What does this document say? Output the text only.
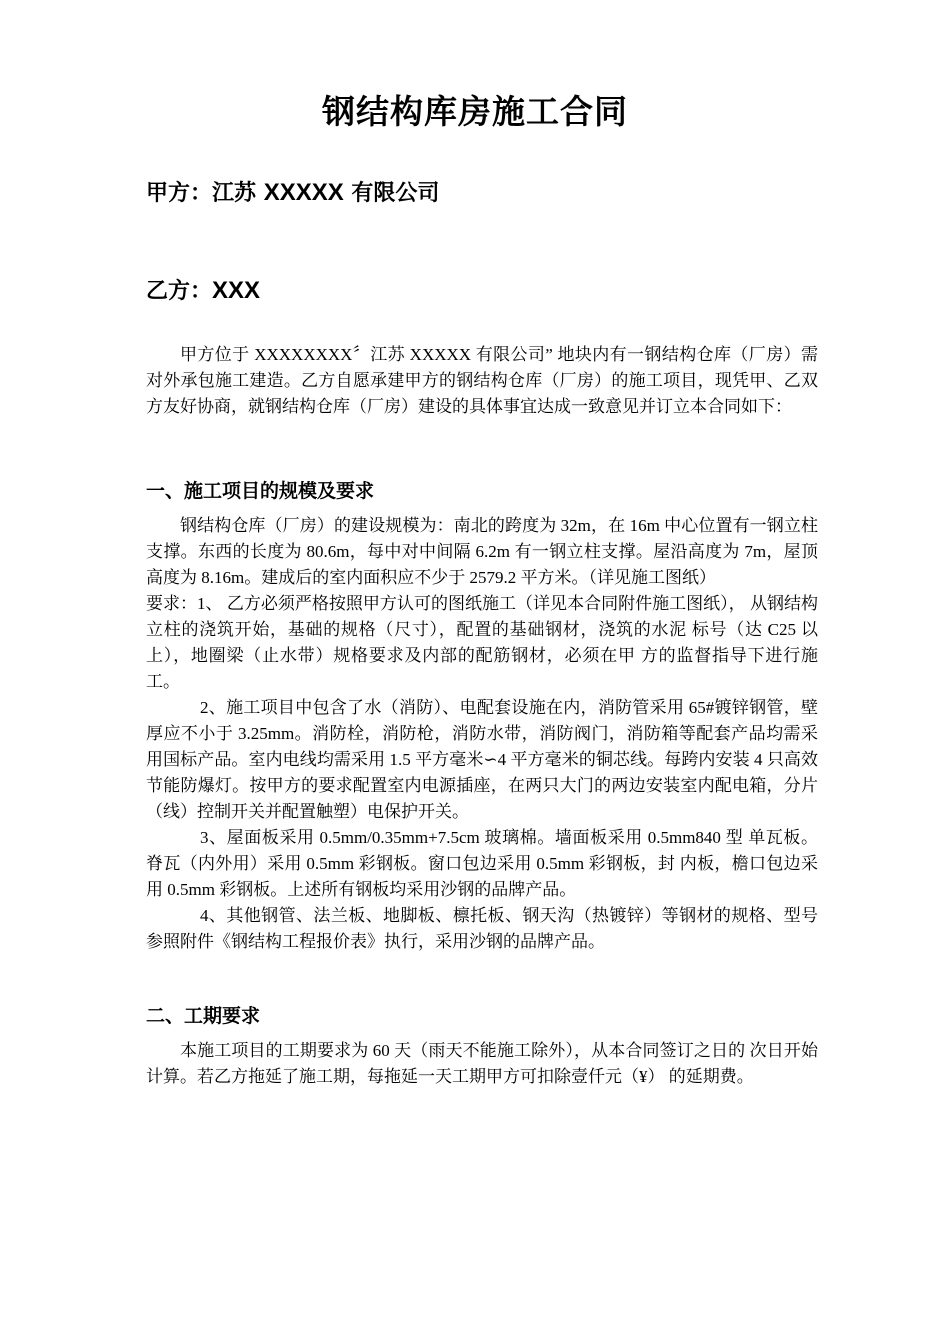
钢结构库房施工合同
甲方：江苏 XXXXX 有限公司
乙方：XXX

甲方位于 XXXXXXXX〞江苏 XXXXX 有限公司” 地块内有一钢结构仓库（厂房）需对外承包施工建造。乙方自愿承建甲方的钢结构仓库（厂房）的施工项目，现凭甲、乙双方友好协商，就钢结构仓库（厂房）建设的具体事宜达成一致意见并订立本合同如下：

一、施工项目的规模及要求

钢结构仓库（厂房）的建设规模为：南北的跨度为 32m，在 16m 中心位置有一钢立柱支撑。东西的长度为 80.6m，每中对中间隔 6.2m 有一钢立柱支撑。屋沿高度为 7m，屋顶高度为 8.16m。建成后的室内面积应不少于 2579.2 平方米。（详见施工图纸）

要求：1、 乙方必须严格按照甲方认可的图纸施工（详见本合同附件施工图纸）， 从钢结构立柱的浇筑开始，基础的规格（尺寸），配置的基础钢材，浇筑的水泥 标号（达 C25 以上），地圈梁（止水带）规格要求及内部的配筋钢材，必须在甲 方的监督指导下进行施工。

2、施工项目中包含了水（消防）、电配套设施在内，消防管采用 65#镀锌钢管，壁厚应不小于 3.25mm。消防栓，消防枪，消防水带，消防阀门，消防箱等配套产品均需采用国标产品。室内电线均需采用 1.5 平方毫米∽4 平方毫米的铜芯线。每跨内安装 4 只高效节能防爆灯。按甲方的要求配置室内电源插座，在两只大门的两边安装室内配电箱，分片（线）控制开关并配置触塑）电保护开关。

3、屋面板采用 0.5mm/0.35mm+7.5cm 玻璃棉。墙面板采用 0.5mm840 型 单瓦板。脊瓦（内外用）采用 0.5mm 彩钢板。窗口包边采用 0.5mm 彩钢板，封 内板，檐口包边采用 0.5mm 彩钢板。上述所有钢板均采用沙钢的品牌产品。

4、其他钢管、法兰板、地脚板、檩托板、钢天沟（热镀锌）等钢材的规格、型号参照附件《钢结构工程报价表》执行，采用沙钢的品牌产品。

二、工期要求

本施工项目的工期要求为 60 天（雨天不能施工除外），从本合同签订之日的 次日开始计算。若乙方拖延了施工期，每拖延一天工期甲方可扣除壹仟元（¥） 的延期费。
